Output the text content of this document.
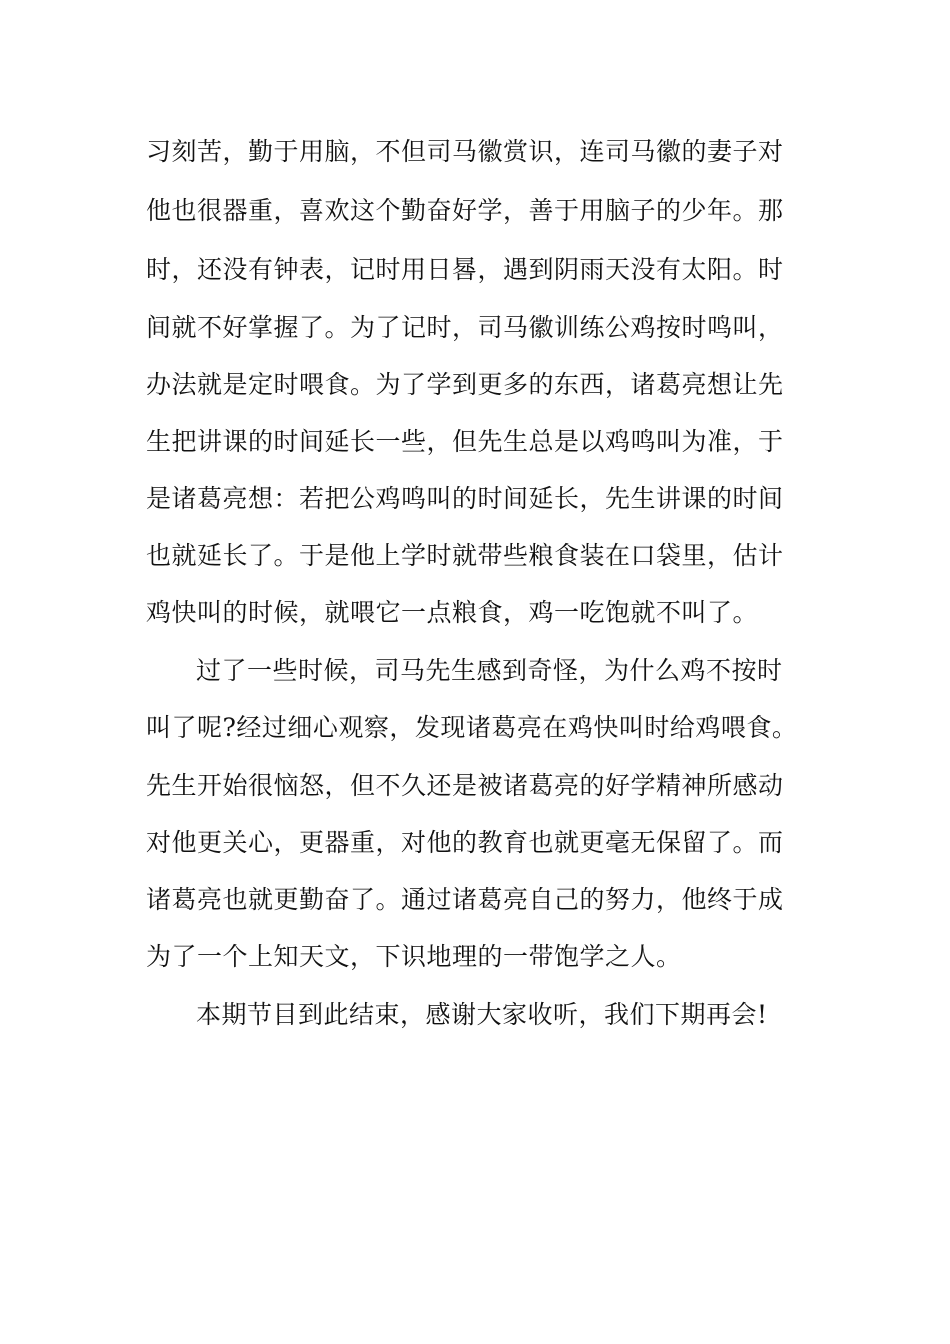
习刻苦，勤于用脑，不但司马徽赏识，连司马徽的妻子对
他也很器重，喜欢这个勤奋好学，善于用脑子的少年。那
时，还没有钟表，记时用日晷，遇到阴雨天没有太阳。时
间就不好掌握了。为了记时，司马徽训练公鸡按时鸣叫，
办法就是定时喂食。为了学到更多的东西，诸葛亮想让先
生把讲课的时间延长一些，但先生总是以鸡鸣叫为准，于
是诸葛亮想：若把公鸡鸣叫的时间延长，先生讲课的时间
也就延长了。于是他上学时就带些粮食装在口袋里，估计
鸡快叫的时候，就喂它一点粮食，鸡一吃饱就不叫了。
过了一些时候，司马先生感到奇怪，为什么鸡不按时
叫了呢?经过细心观察，发现诸葛亮在鸡快叫时给鸡喂食。
先生开始很恼怒，但不久还是被诸葛亮的好学精神所感动
对他更关心，更器重，对他的教育也就更毫无保留了。而
诸葛亮也就更勤奋了。通过诸葛亮自己的努力，他终于成
为了一个上知天文，下识地理的一带饱学之人。
本期节目到此结束，感谢大家收听，我们下期再会!
